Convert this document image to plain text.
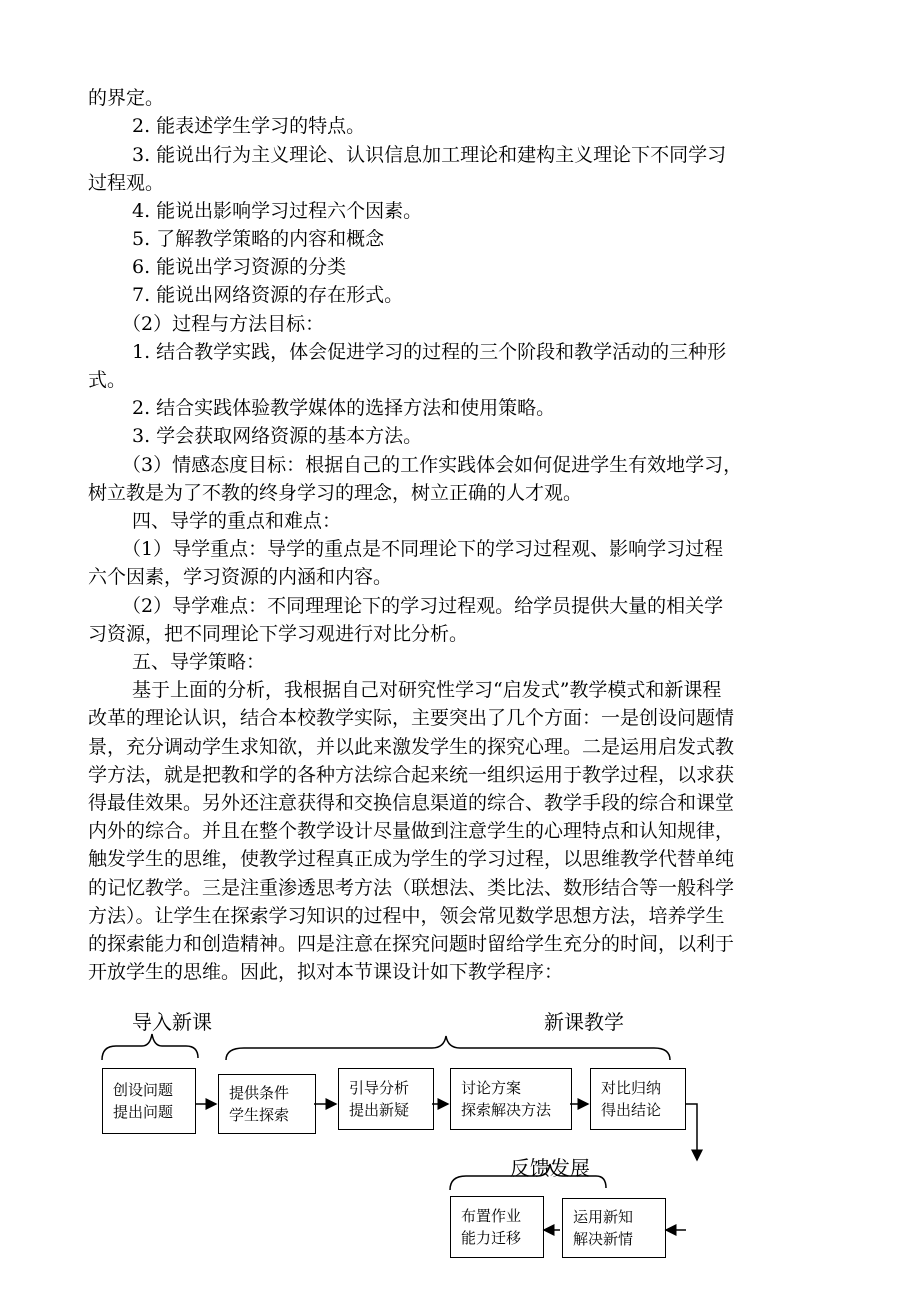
的界定。
2. 能表述学生学习的特点。
3. 能说出行为主义理论、认识信息加工理论和建构主义理论下不同学习
过程观。
4. 能说出影响学习过程六个因素。
5. 了解教学策略的内容和概念
6. 能说出学习资源的分类
7. 能说出网络资源的存在形式。
（2）过程与方法目标：
1. 结合教学实践，体会促进学习的过程的三个阶段和教学活动的三种形
式。
2. 结合实践体验教学媒体的选择方法和使用策略。
3. 学会获取网络资源的基本方法。
（3）情感态度目标：根据自己的工作实践体会如何促进学生有效地学习，
树立教是为了不教的终身学习的理念，树立正确的人才观。
四、导学的重点和难点：
（1）导学重点：导学的重点是不同理论下的学习过程观、影响学习过程
六个因素，学习资源的内涵和内容。
（2）导学难点：不同理理论下的学习过程观。给学员提供大量的相关学
习资源，把不同理论下学习观进行对比分析。
五、导学策略：
基于上面的分析，我根据自己对研究性学习“启发式”教学模式和新课程
改革的理论认识，结合本校教学实际，主要突出了几个方面：一是创设问题情
景，充分调动学生求知欲，并以此来激发学生的探究心理。二是运用启发式教
学方法，就是把教和学的各种方法综合起来统一组织运用于教学过程，以求获
得最佳效果。另外还注意获得和交换信息渠道的综合、教学手段的综合和课堂
内外的综合。并且在整个教学设计尽量做到注意学生的心理特点和认知规律，
触发学生的思维，使教学过程真正成为学生的学习过程，以思维教学代替单纯
的记忆教学。三是注重渗透思考方法（联想法、类比法、数形结合等一般科学
方法）。让学生在探索学习知识的过程中，领会常见数学思想方法，培养学生
的探索能力和创造精神。四是注意在探究问题时留给学生充分的时间，以利于
开放学生的思维。因此，拟对本节课设计如下教学程序：
导入新课	新课教学
反馈发展
创设问题
提出问题
提供条件
学生探索
引导分析
提出新疑
讨论方案
探索解决方法
对比归纳
得出结论
运用新知
解决新情
布置作业
能力迁移
